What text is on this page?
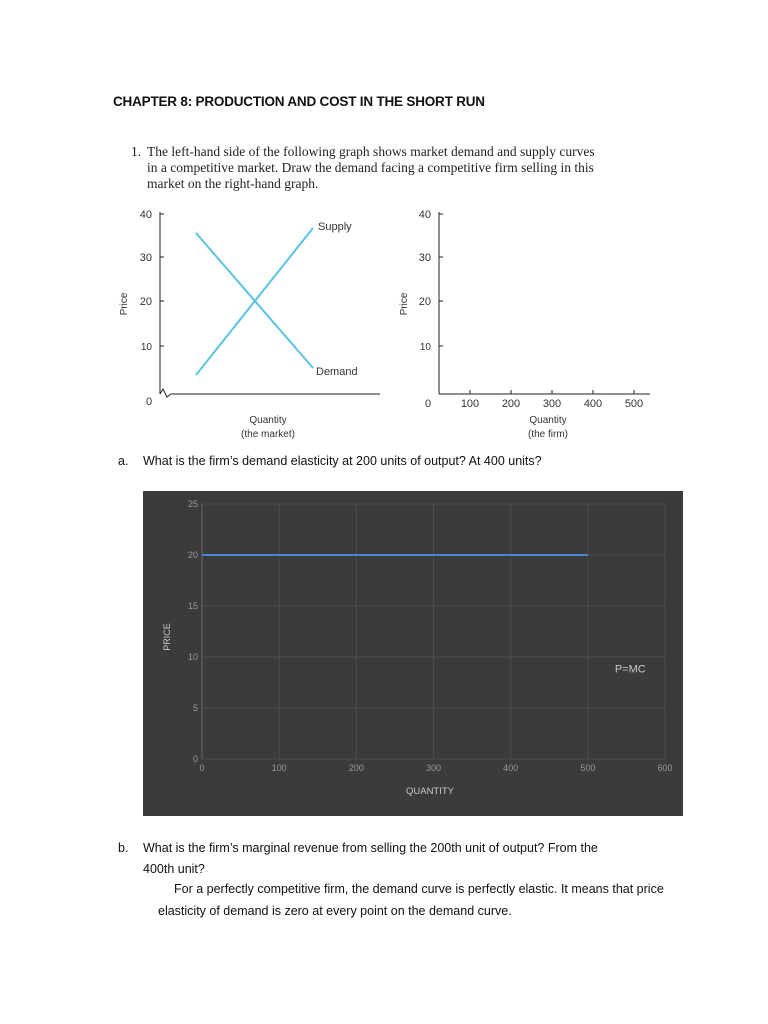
CHAPTER 8: PRODUCTION AND COST IN THE SHORT RUN
1. The left-hand side of the following graph shows market demand and supply curves
in a competitive market. Draw the demand facing a competitive firm selling in this
market on the right-hand graph.
40
30
20
10
0
Price
Supply
Demand
Quantity
(the market)
40
30
20
10
0
Price
100 200 300 400 500
Quantity
(the firm)
a. What is the firm’s demand elasticity at 200 units of output? At 400 units?
0
5
10
15
20
25
0	100	200	300	400	500	600
PRICE
QUANTITY
P=MC
b. What is the firm’s marginal revenue from selling the 200th unit of output? From the
400th unit?
For a perfectly competitive firm, the demand curve is perfectly elastic. It means that price elasticity of demand is zero at every point on the demand curve.
